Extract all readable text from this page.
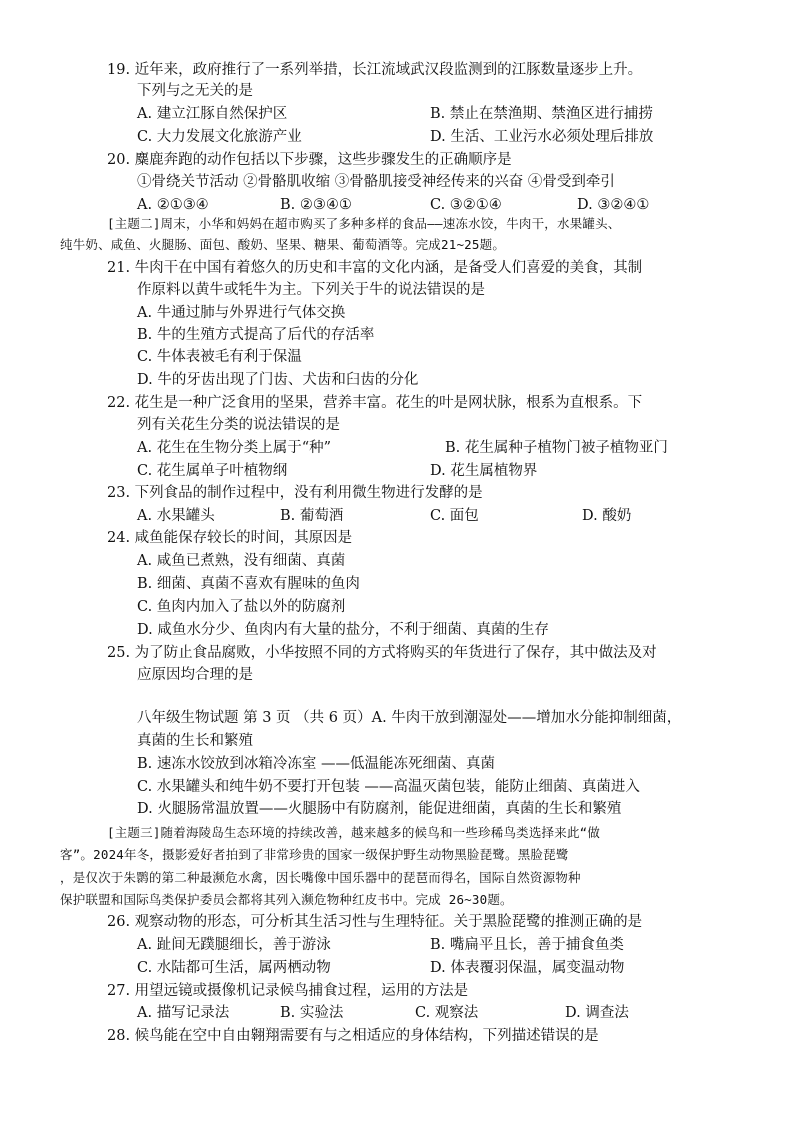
19. 近年来，政府推行了一系列举措，长江流域武汉段监测到的江豚数量逐步上升。
下列与之无关的是
A. 建立江豚自然保护区	B. 禁止在禁渔期、禁渔区进行捕捞
C. 大力发展文化旅游产业	D. 生活、工业污水必须处理后排放
20. 麋鹿奔跑的动作包括以下步骤，这些步骤发生的正确顺序是
①骨绕关节活动 ②骨骼肌收缩 ③骨骼肌接受神经传来的兴奋 ④骨受到牵引
A. ②①③④	B. ②③④①	C. ③②①④	D. ③②④①
[主题二]周末，小华和妈妈在超市购买了多种多样的食品——速冻水饺，牛肉干，水果罐头、
纯牛奶、咸鱼、火腿肠、面包、酸奶、坚果、糖果、葡萄酒等。完成21~25题。
21. 牛肉干在中国有着悠久的历史和丰富的文化内涵，是备受人们喜爱的美食，其制
作原料以黄牛或牦牛为主。下列关于牛的说法错误的是
A. 牛通过肺与外界进行气体交换
B. 牛的生殖方式提高了后代的存活率
C. 牛体表被毛有利于保温
D. 牛的牙齿出现了门齿、犬齿和臼齿的分化
22. 花生是一种广泛食用的坚果，营养丰富。花生的叶是网状脉，根系为直根系。下
列有关花生分类的说法错误的是
A. 花生在生物分类上属于“种”	B. 花生属种子植物门被子植物亚门
C. 花生属单子叶植物纲	D. 花生属植物界
23. 下列食品的制作过程中，没有利用微生物进行发酵的是
A. 水果罐头	B. 葡萄酒	C. 面包	D. 酸奶
24. 咸鱼能保存较长的时间，其原因是
A. 咸鱼已煮熟，没有细菌、真菌
B. 细菌、真菌不喜欢有腥味的鱼肉
C. 鱼肉内加入了盐以外的防腐剂
D. 咸鱼水分少、鱼肉内有大量的盐分，不利于细菌、真菌的生存
25. 为了防止食品腐败，小华按照不同的方式将购买的年货进行了保存，其中做法及对
应原因均合理的是
八年级生物试题 第 3 页 （共 6 页）A. 牛肉干放到潮湿处——增加水分能抑制细菌，
真菌的生长和繁殖
B. 速冻水饺放到冰箱冷冻室 ——低温能冻死细菌、真菌
C. 水果罐头和纯牛奶不要打开包装 ——高温灭菌包装，能防止细菌、真菌进入
D. 火腿肠常温放置——火腿肠中有防腐剂，能促进细菌，真菌的生长和繁殖
[主题三]随着海陵岛生态环境的持续改善，越来越多的候鸟和一些珍稀鸟类选择来此“做
客”。2024年冬，摄影爱好者拍到了非常珍贵的国家一级保护野生动物黑脸琵鹭。黑脸琵鹭
，是仅次于朱鹮的第二种最濒危水禽，因长嘴像中国乐器中的琵琶而得名，国际自然资源物种
保护联盟和国际鸟类保护委员会都将其列入濒危物种红皮书中。完成 26~30题。
26. 观察动物的形态，可分析其生活习性与生理特征。关于黑脸琵鹭的推测正确的是
A. 趾间无蹼腿细长，善于游泳	B. 嘴扁平且长，善于捕食鱼类
C. 水陆都可生活，属两栖动物	D. 体表覆羽保温，属变温动物
27. 用望远镜或摄像机记录候鸟捕食过程，运用的方法是
A. 描写记录法	B. 实验法	C. 观察法	D. 调查法
28. 候鸟能在空中自由翱翔需要有与之相适应的身体结构，下列描述错误的是
